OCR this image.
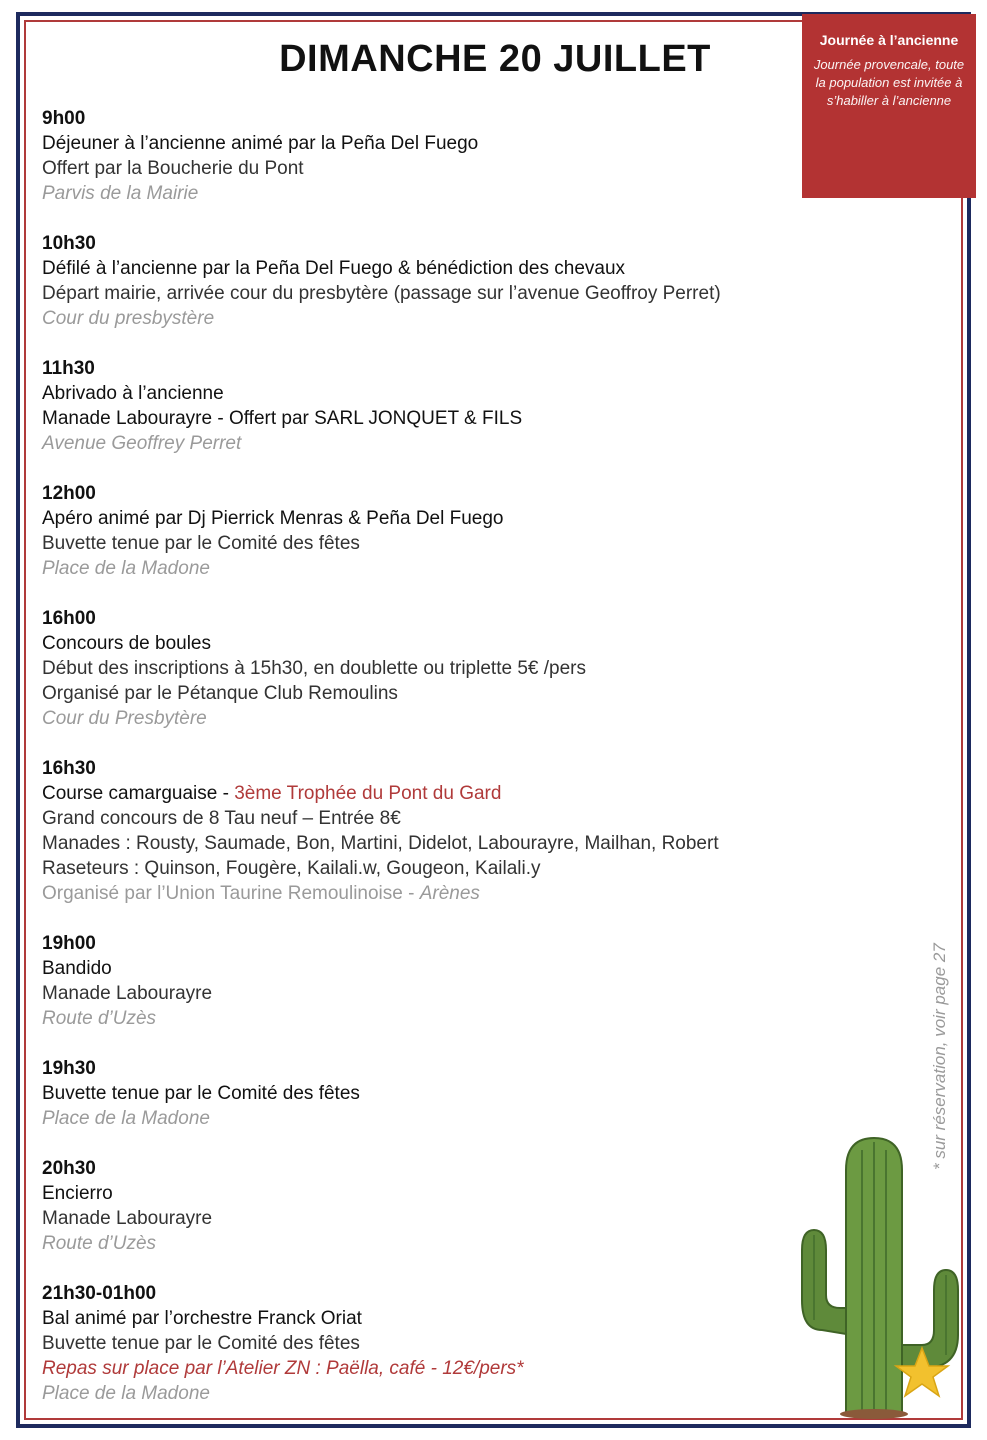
DIMANCHE 20 JUILLET	Journée à l’ancienne
Journée provencale, toute la population est invitée à s’habiller à l’ancienne
9h00
Déjeuner à l’ancienne animé par la Peña Del Fuego
Offert par la Boucherie du Pont
Parvis de la Mairie
10h30
Défilé à l’ancienne par la Peña Del Fuego & bénédiction des chevaux
Départ mairie, arrivée cour du presbytère (passage sur l’avenue Geoffroy Perret)
Cour du presbystère
11h30
Abrivado à l’ancienne
Manade Labourayre - Offert par SARL JONQUET & FILS
Avenue Geoffrey Perret
12h00
Apéro animé par Dj Pierrick Menras & Peña Del Fuego
Buvette tenue par le Comité des fêtes
Place de la Madone
16h00
Concours de boules
Début des inscriptions à 15h30, en doublette ou triplette 5€ /pers
Organisé par le Pétanque Club Remoulins
Cour du Presbytère
16h30
Course camarguaise - 3ème Trophée du Pont du Gard
Grand concours de 8 Tau neuf – Entrée 8€
Manades : Rousty, Saumade, Bon, Martini, Didelot, Labourayre, Mailhan, Robert
Raseteurs : Quinson, Fougère, Kailali.w, Gougeon, Kailali.y
Organisé par l’Union Taurine Remoulinoise - Arènes
19h00
Bandido
Manade Labourayre
Route d’Uzès
19h30
Buvette tenue par le Comité des fêtes
Place de la Madone
20h30
Encierro
Manade Labourayre
Route d’Uzès
21h30-01h00
Bal animé par l’orchestre Franck Oriat
Buvette tenue par le Comité des fêtes
Repas sur place par l’Atelier ZN : Paëlla, café - 12€/pers*
Place de la Madone
* sur réservation, voir page 27
